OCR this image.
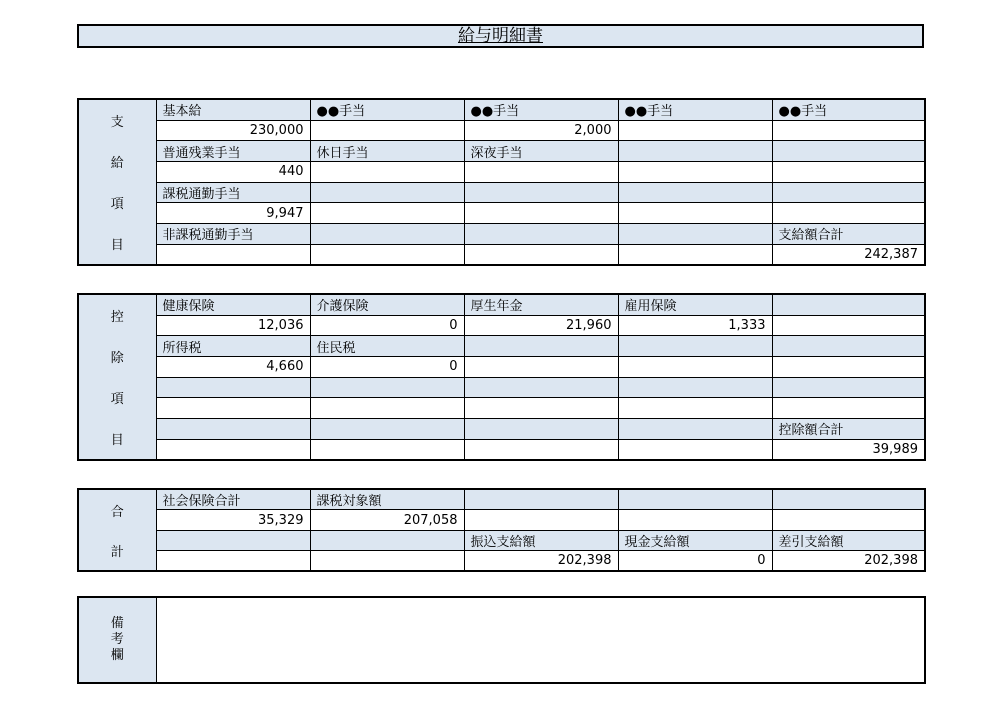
給与明細書
支
給
項
目	基本給	●●手当	●●手当	●●手当	●●手当
	230,000		2,000		
	普通残業手当	休日手当	深夜手当		
	440				
	課税通勤手当				
	9,947				
	非課税通勤手当				支給額合計
					242,387
控
除
項
目	健康保険	介護保険	厚生年金	雇用保険	
	12,036	0	21,960	1,333	
	所得税	住民税			
	4,660	0			

					控除額合計
					39,989
合
計	社会保険合計	課税対象額			
	35,329	207,058			
			振込支給額	現金支給額	差引支給額
			202,398	0	202,398
備
考
欄
